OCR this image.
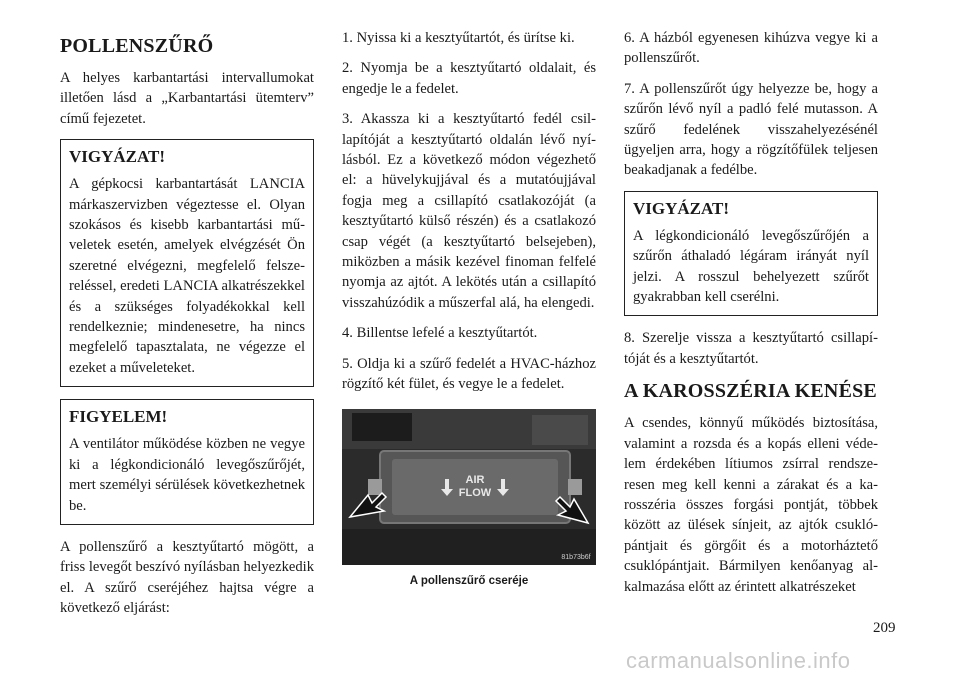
POLLENSZŰRŐ

A helyes karbantartási intervallumokat illetően lásd a „Karbantartási ütemterv” című fejezetet.

VIGYÁZAT!

A gépkocsi karbantartását LANCIA márkaszervizben végeztesse el. Olyan szokásos és kisebb karbantartási műveletek esetén, amelyek elvégzését Ön szeretné elvégezni, megfelelő felszereléssel, eredeti LANCIA alkatrészekkel és a szükséges folyadékokkal kell rendelkeznie; mindenesetre, ha nincs megfelelő tapasztalata, ne végezze el ezeket a műveleteket.

FIGYELEM!

A ventilátor működése közben ne vegye ki a légkondicionáló levegőszűrőjét, mert személyi sérülések következhetnek be.

A pollenszűrő a kesztyűtartó mögött, a friss levegőt beszívó nyílásban helyezkedik el. A szűrő cseréjéhez hajtsa végre a következő eljárást:

1. Nyissa ki a kesztyűtartót, és ürítse ki.

2. Nyomja be a kesztyűtartó oldalait, és engedje le a fedelet.

3. Akassza ki a kesztyűtartó fedél csillapítóját a kesztyűtartó oldalán lévő nyílásból. Ez a következő módon végezhető el: a hüvelykujjával és a mutatóujjával fogja meg a csillapító csatlakozóját (a kesztyűtartó külső részén) és a csatlakozó csap végét (a kesztyűtartó belsejeben), miközben a másik kezével finoman felfelé nyomja az ajtót. A lekötés után a csillapító visszahúzódik a műszerfal alá, ha elengedi.

4. Billentse lefelé a kesztyűtartót.

5. Oldja ki a szűrő fedelét a HVAC-házhoz rögzítő két fület, és vegye le a fedelet.

AIR
FLOW
81b73b6f
A pollenszűrő cseréje

6. A házból egyenesen kihúzva vegye ki a pollenszűrőt.

7. A pollenszűrőt úgy helyezze be, hogy a szűrőn lévő nyíl a padló felé mutasson. A szűrő fedelének visszahelyezésénél ügyeljen arra, hogy a rögzítőfülek teljesen beakadjanak a fedélbe.

VIGYÁZAT!

A légkondicionáló levegőszűrőjén a szűrőn áthaladó légáram irányát nyíl jelzi. A rosszul behelyezett szűrőt gyakrabban kell cserélni.

8. Szerelje vissza a kesztyűtartó csillapítóját és a kesztyűtartót.

A KAROSSZÉRIA KENÉSE

A csendes, könnyű működés biztosítása, valamint a rozsda és a kopás elleni védelem érdekében lítiumos zsírral rendszeresen meg kell kenni a zárakat és a karosszéria összes forgási pontját, többek között az ülések sínjeit, az ajtók csuklópántjait és görgőit és a motorháztető csuklópántjait. Bármilyen kenőanyag alkalmazása előtt az érintett alkatrészeket

209
carmanualsonline.info
